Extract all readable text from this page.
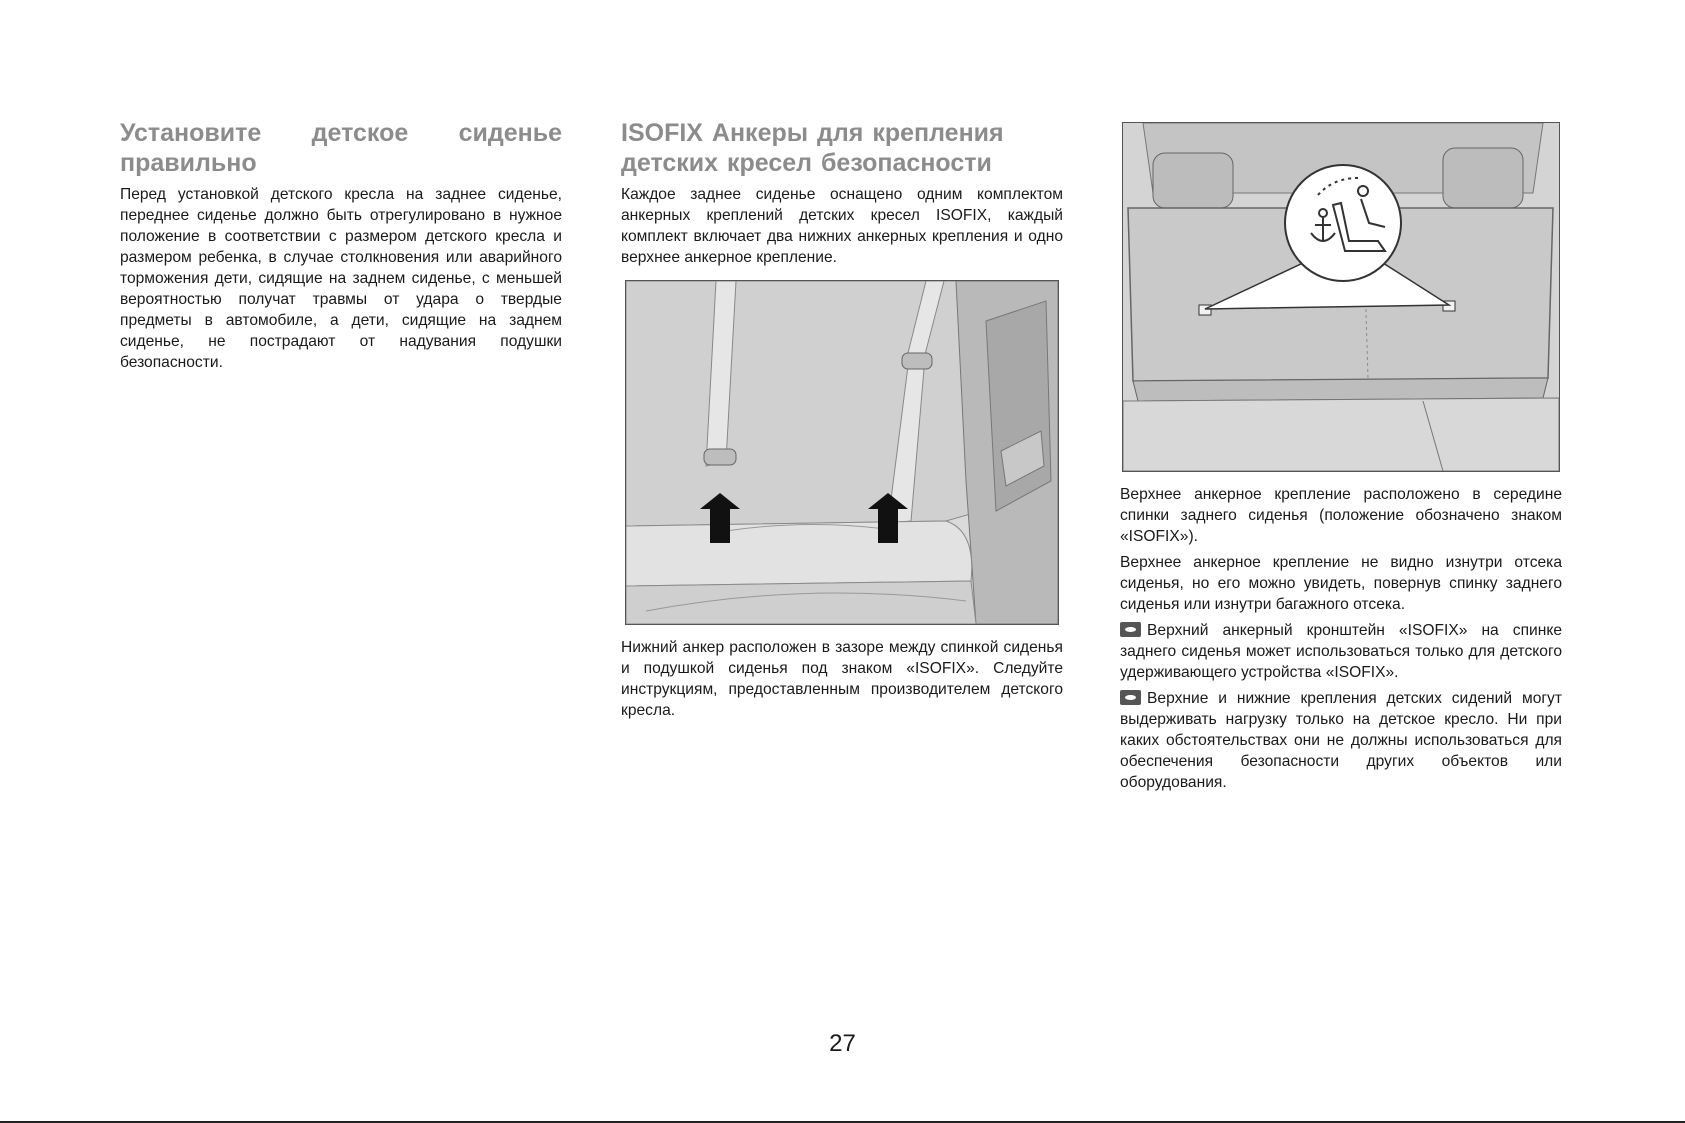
Установите детское сиденье
правильно

Перед установкой детского кресла на заднее сиденье, переднее сиденье должно быть отрегулировано в нужное положение в соответствии с размером детского кресла и размером ребенка, в случае столкновения или аварийного торможения дети, сидящие на заднем сиденье, с меньшей вероятностью получат травмы от удара о твердые предметы в автомобиле, а дети, сидящие на заднем сиденье, не пострадают от надувания подушки безопасности.

ISOFIX Анкеры для крепления
детских кресел безопасности

Каждое заднее сиденье оснащено одним комплектом анкерных креплений детских кресел ISOFIX, каждый комплект включает два нижних анкерных крепления и одно верхнее анкерное крепление.

Нижний анкер расположен в зазоре между спинкой сиденья и подушкой сиденья под знаком «ISOFIX». Следуйте инструкциям, предоставленным производителем детского кресла.

Верхнее анкерное крепление расположено в середине спинки заднего сиденья (положение обозначено знаком «ISOFIX»).

Верхнее анкерное крепление не видно изнутри отсека сиденья, но его можно увидеть, повернув спинку заднего сиденья или изнутри багажного отсека.

Верхний анкерный кронштейн «ISOFIX» на спинке заднего сиденья может использоваться только для детского удерживающего устройства «ISOFIX».

Верхние и нижние крепления детских сидений могут выдерживать нагрузку только на детское кресло. Ни при каких обстоятельствах они не должны использоваться для обеспечения безопасности других объектов или оборудования.

27
